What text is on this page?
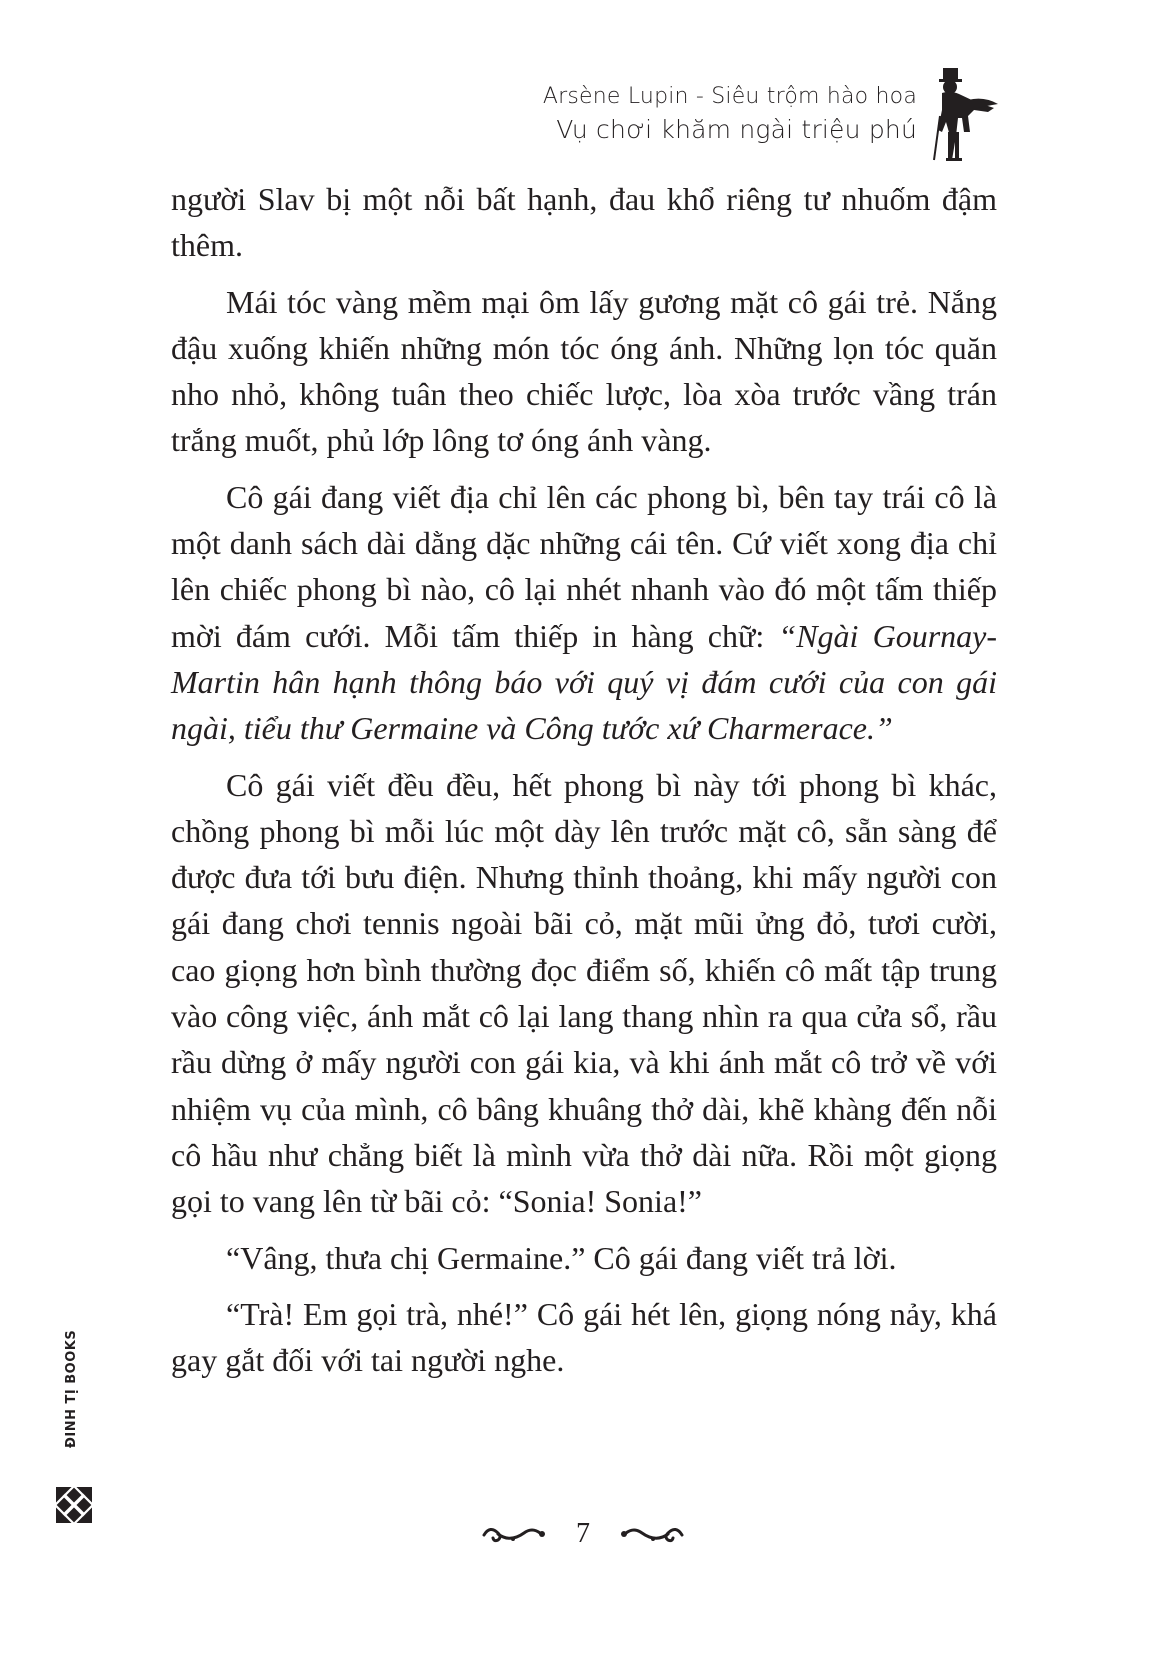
Arsène Lupin - Siêu trộm hào hoa
Vụ chơi khăm ngài triệu phú

người Slav bị một nỗi bất hạnh, đau khổ riêng tư nhuốm đậm thêm.

Mái tóc vàng mềm mại ôm lấy gương mặt cô gái trẻ. Nắng đậu xuống khiến những món tóc óng ánh. Những lọn tóc quăn nho nhỏ, không tuân theo chiếc lược, lòa xòa trước vầng trán trắng muốt, phủ lớp lông tơ óng ánh vàng.

Cô gái đang viết địa chỉ lên các phong bì, bên tay trái cô là một danh sách dài dằng dặc những cái tên. Cứ viết xong địa chỉ lên chiếc phong bì nào, cô lại nhét nhanh vào đó một tấm thiếp mời đám cưới. Mỗi tấm thiếp in hàng chữ: “Ngài Gournay-Martin hân hạnh thông báo với quý vị đám cưới của con gái ngài, tiểu thư Germaine và Công tước xứ Charmerace.”

Cô gái viết đều đều, hết phong bì này tới phong bì khác, chồng phong bì mỗi lúc một dày lên trước mặt cô, sẵn sàng để được đưa tới bưu điện. Nhưng thỉnh thoảng, khi mấy người con gái đang chơi tennis ngoài bãi cỏ, mặt mũi ửng đỏ, tươi cười, cao giọng hơn bình thường đọc điểm số, khiến cô mất tập trung vào công việc, ánh mắt cô lại lang thang nhìn ra qua cửa sổ, rầu rầu dừng ở mấy người con gái kia, và khi ánh mắt cô trở về với nhiệm vụ của mình, cô bâng khuâng thở dài, khẽ khàng đến nỗi cô hầu như chẳng biết là mình vừa thở dài nữa. Rồi một giọng gọi to vang lên từ bãi cỏ: “Sonia! Sonia!”

“Vâng, thưa chị Germaine.” Cô gái đang viết trả lời.

“Trà! Em gọi trà, nhé!” Cô gái hét lên, giọng nóng nảy, khá gay gắt đối với tai người nghe.

7
ĐINH TỊ BOOKS
